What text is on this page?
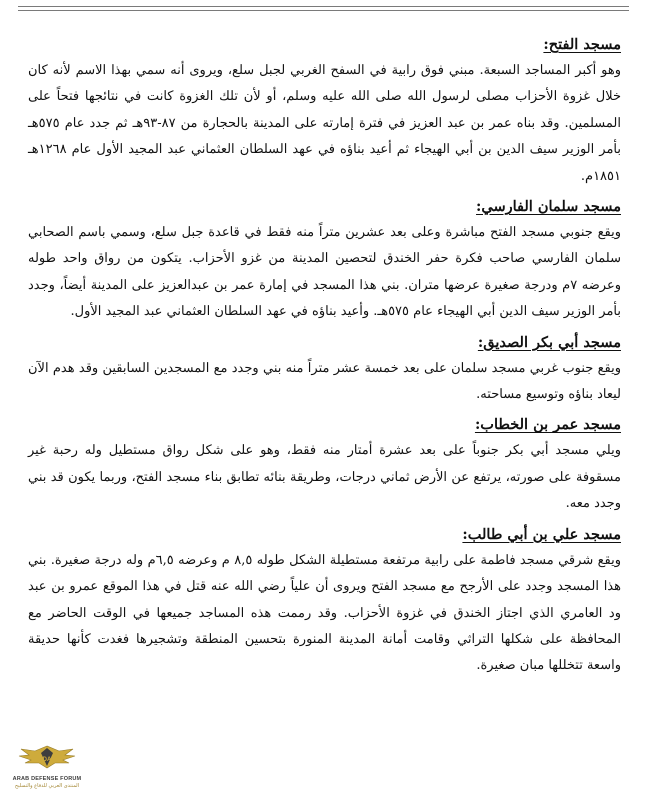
مسجد الفتح:

وهو أكبر المساجد السبعة. مبني فوق رابية في السفح الغربي لجبل سلع، ويروى أنه سمي بهذا الاسم لأنه كان خلال غزوة الأحزاب مصلى لرسول الله صلى الله عليه وسلم، أو لأن تلك الغزوة كانت في نتائجها فتحاً على المسلمين. وقد بناه عمر بن عبد العزيز في فترة إمارته على المدينة بالحجارة من ٨٧-٩٣هـ ثم جدد عام ٥٧٥هـ بأمر الوزير سيف الدين بن أبي الهيجاء ثم أعيد بناؤه في عهد السلطان العثماني عبد المجيد الأول عام ١٢٦٨هـ ١٨٥١م.

مسجد سلمان الفارسي:

ويقع جنوبي مسجد الفتح مباشرة وعلى بعد عشرين متراً منه فقط في قاعدة جبل سلع، وسمي باسم الصحابي سلمان الفارسي صاحب فكرة حفر الخندق لتحصين المدينة من غزو الأحزاب. يتكون من رواق واحد طوله وعرضه ٧م ودرجة صغيرة عرضها متران. بني هذا المسجد في إمارة عمر بن عبدالعزيز على المدينة أيضاً، وجدد بأمر الوزير سيف الدين أبي الهيجاء عام ٥٧٥هـ. وأعيد بناؤه في عهد السلطان العثماني عبد المجيد الأول.

مسجد أبي بكر الصديق:

ويقع جنوب غربي مسجد سلمان على بعد خمسة عشر متراً منه بني وجدد مع المسجدين السابقين وقد هدم الآن ليعاد بناؤه وتوسيع مساحته.

مسجد عمر بن الخطاب:

ويلي مسجد أبي بكر جنوباً على بعد عشرة أمتار منه فقط، وهو على شكل رواق مستطيل وله رحبة غير مسقوفة على صورته، يرتفع عن الأرض ثماني درجات، وطريقة بنائه تطابق بناء مسجد الفتح، وربما يكون قد بني وجدد معه.

مسجد علي بن أبي طالب:

ويقع شرقي مسجد فاطمة على رابية مرتفعة مستطيلة الشكل طوله ٨,٥ م وعرضه ٦,٥م وله درجة صغيرة. بني هذا المسجد وجدد على الأرجح مع مسجد الفتح ويروى أن علياً رضي الله عنه قتل في هذا الموقع عمرو بن عبد ود العامري الذي اجتاز الخندق في غزوة الأحزاب. وقد رممت هذه المساجد جميعها في الوقت الحاضر مع المحافظة على شكلها التراثي وقامت أمانة المدينة المنورة بتحسين المنطقة وتشجيرها فغدت كأنها حديقة واسعة تتخللها مبان صغيرة.

DA
ARAB DEFENSE FORUM
المنتدى العربي للدفاع والتسليح
